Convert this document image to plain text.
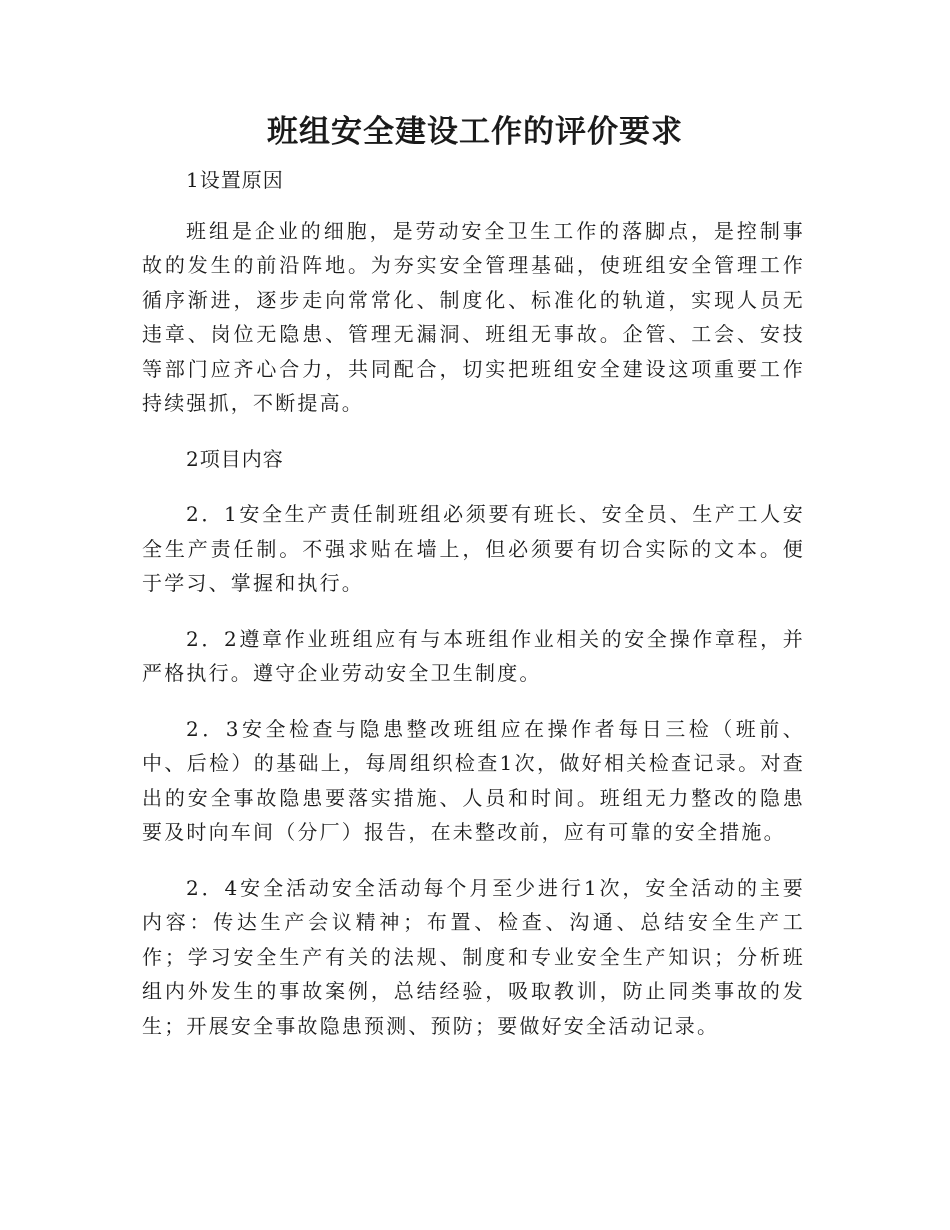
班组安全建设工作的评价要求

1设置原因

班组是企业的细胞，是劳动安全卫生工作的落脚点，是控制事故的发生的前沿阵地。为夯实安全管理基础，使班组安全管理工作循序渐进，逐步走向常常化、制度化、标准化的轨道，实现人员无违章、岗位无隐患、管理无漏洞、班组无事故。企管、工会、安技等部门应齐心合力，共同配合，切实把班组安全建设这项重要工作持续强抓，不断提高。

2项目内容

2．1安全生产责任制班组必须要有班长、安全员、生产工人安全生产责任制。不强求贴在墙上，但必须要有切合实际的文本。便于学习、掌握和执行。

2．2遵章作业班组应有与本班组作业相关的安全操作章程，并严格执行。遵守企业劳动安全卫生制度。

2．3安全检查与隐患整改班组应在操作者每日三检（班前、中、后检）的基础上，每周组织检查1次，做好相关检查记录。对查出的安全事故隐患要落实措施、人员和时间。班组无力整改的隐患要及时向车间（分厂）报告，在未整改前，应有可靠的安全措施。

2．4安全活动安全活动每个月至少进行1次，安全活动的主要内容：传达生产会议精神；布置、检查、沟通、总结安全生产工作；学习安全生产有关的法规、制度和专业安全生产知识；分析班组内外发生的事故案例，总结经验，吸取教训，防止同类事故的发生；开展安全事故隐患预测、预防；要做好安全活动记录。
